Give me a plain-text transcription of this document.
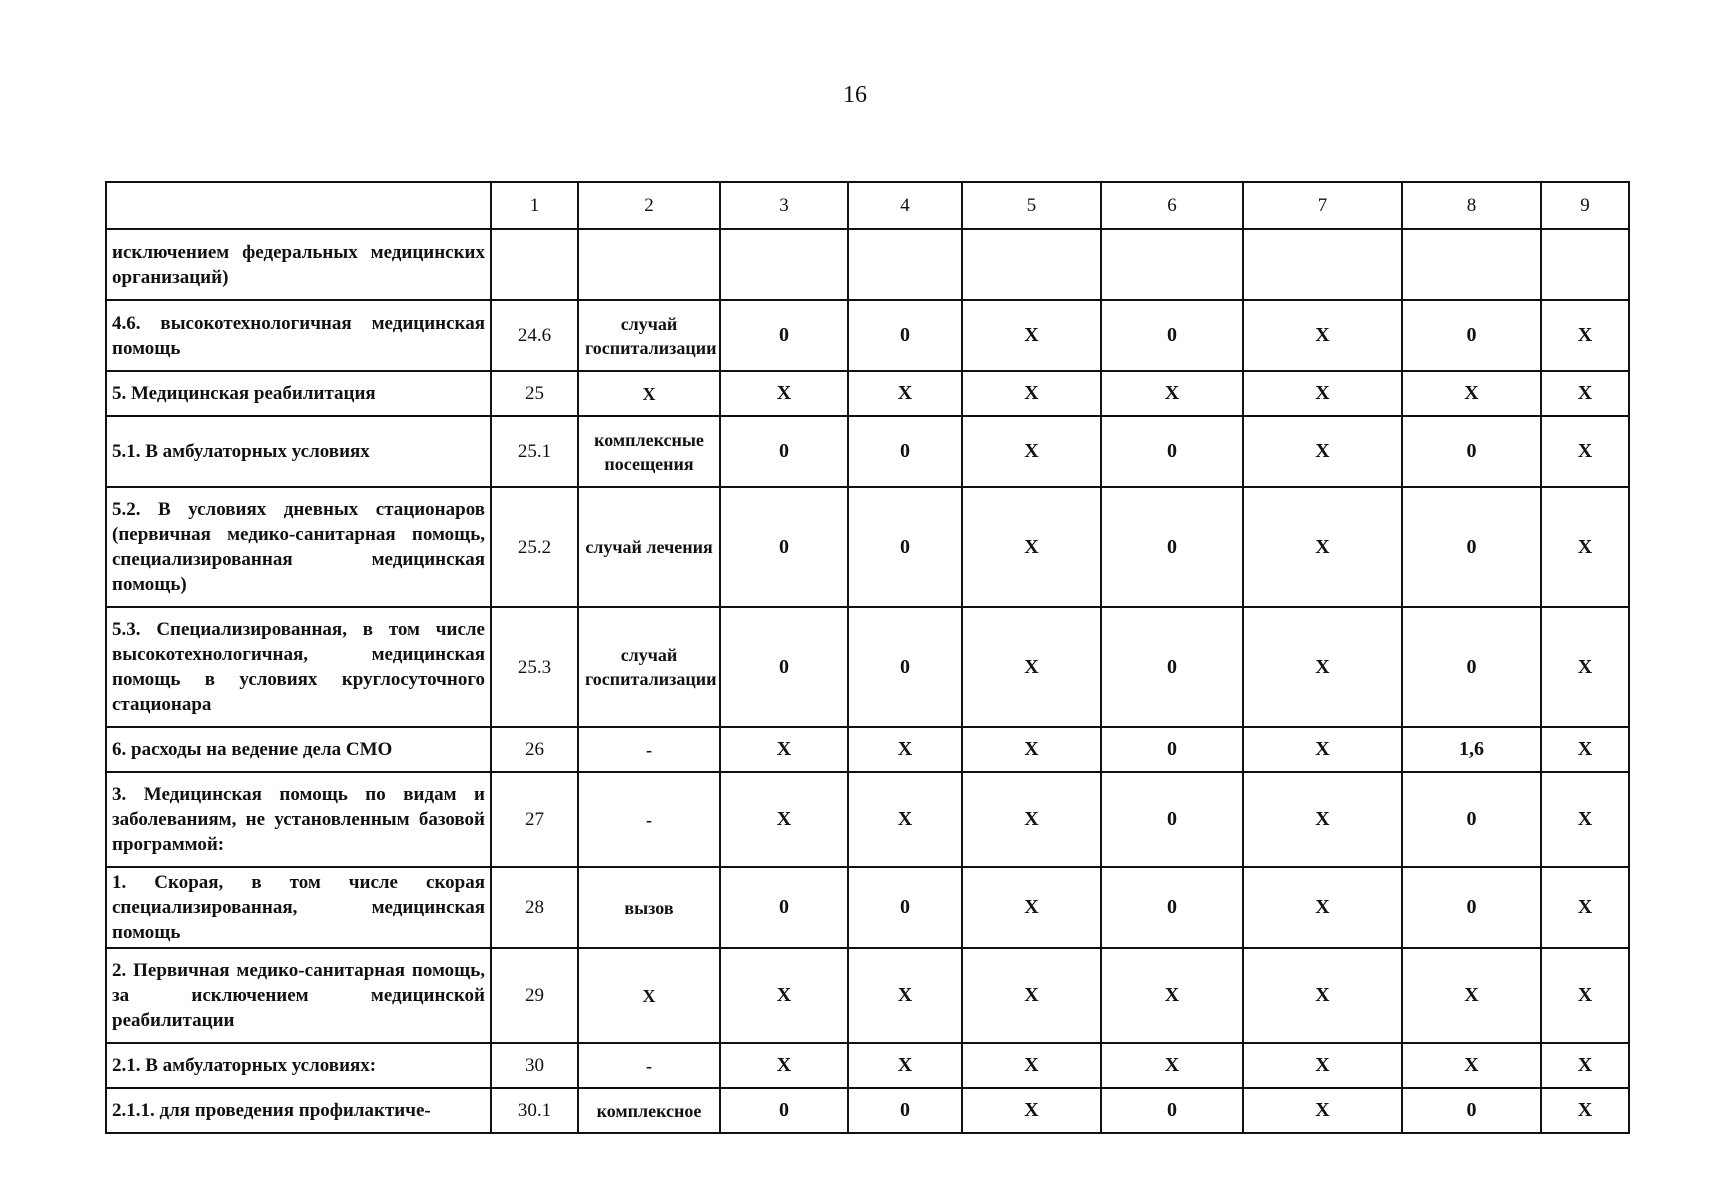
16
	1	2	3	4	5	6	7	8	9
исключением федеральных медицинских организаций)									
4.6. высокотехнологичная медицинская помощь	24.6	случай госпитализации	0	0	X	0	X	0	X
5. Медицинская реабилитация	25	X	X	X	X	X	X	X	X
5.1. В амбулаторных условиях	25.1	комплексные посещения	0	0	X	0	X	0	X
5.2. В условиях дневных стационаров (первичная медико-санитарная помощь, специализированная медицинская помощь)	25.2	случай лечения	0	0	X	0	X	0	X
5.3. Специализированная, в том числе высокотехнологичная, медицинская помощь в условиях круглосуточного стационара	25.3	случай госпитализации	0	0	X	0	X	0	X
6. расходы на ведение дела СМО	26	-	X	X	X	0	X	1,6	X
3. Медицинская помощь по видам и заболеваниям, не установленным базовой программой:	27	-	X	X	X	0	X	0	X
1. Скорая, в том числе скорая специализированная, медицинская помощь	28	вызов	0	0	X	0	X	0	X
2. Первичная медико-санитарная помощь, за исключением медицинской реабилитации	29	X	X	X	X	X	X	X	X
2.1. В амбулаторных условиях:	30	-	X	X	X	X	X	X	X
2.1.1. для проведения профилактиче-	30.1	комплексное	0	0	X	0	X	0	X
